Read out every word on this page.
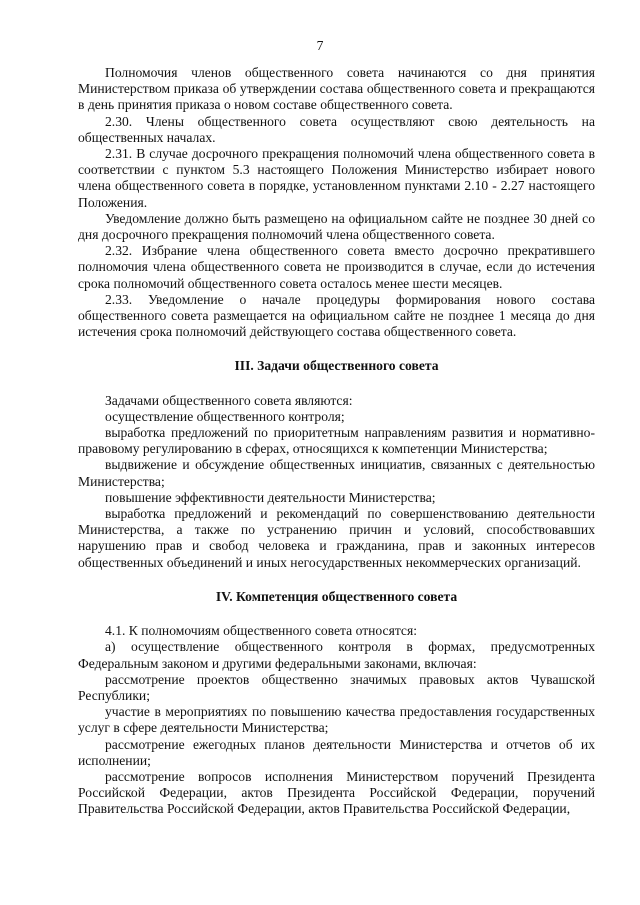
7

Полномочия членов общественного совета начинаются со дня принятия Министерством приказа об утверждении состава общественного совета и прекращаются в день принятия приказа о новом составе общественного совета.

2.30. Члены общественного совета осуществляют свою деятельность на общественных началах.

2.31. В случае досрочного прекращения полномочий члена общественного совета в соответствии с пунктом 5.3 настоящего Положения Министерство избирает нового члена общественного совета в порядке, установленном пунктами 2.10 - 2.27 настоящего Положения.

Уведомление должно быть размещено на официальном сайте не позднее 30 дней со дня досрочного прекращения полномочий члена общественного совета.

2.32. Избрание члена общественного совета вместо досрочно прекратившего полномочия члена общественного совета не производится в случае, если до истечения срока полномочий общественного совета осталось менее шести месяцев.

2.33. Уведомление о начале процедуры формирования нового состава общественного совета размещается на официальном сайте не позднее 1 месяца до дня истечения срока полномочий действующего состава общественного совета.

III. Задачи общественного совета

Задачами общественного совета являются:

осуществление общественного контроля;

выработка предложений по приоритетным направлениям развития и нормативно-правовому регулированию в сферах, относящихся к компетенции Министерства;

выдвижение и обсуждение общественных инициатив, связанных с деятельностью Министерства;

повышение эффективности деятельности Министерства;

выработка предложений и рекомендаций по совершенствованию деятельности Министерства, а также по устранению причин и условий, способствовавших нарушению прав и свобод человека и гражданина, прав и законных интересов общественных объединений и иных негосударственных некоммерческих организаций.

IV. Компетенция общественного совета

4.1. К полномочиям общественного совета относятся:

а) осуществление общественного контроля в формах, предусмотренных Федеральным законом и другими федеральными законами, включая:

рассмотрение проектов общественно значимых правовых актов Чувашской Республики;

участие в мероприятиях по повышению качества предоставления государственных услуг в сфере деятельности Министерства;

рассмотрение ежегодных планов деятельности Министерства и отчетов об их исполнении;

рассмотрение вопросов исполнения Министерством поручений Президента Российской Федерации, актов Президента Российской Федерации, поручений Правительства Российской Федерации, актов Правительства Российской Федерации,
